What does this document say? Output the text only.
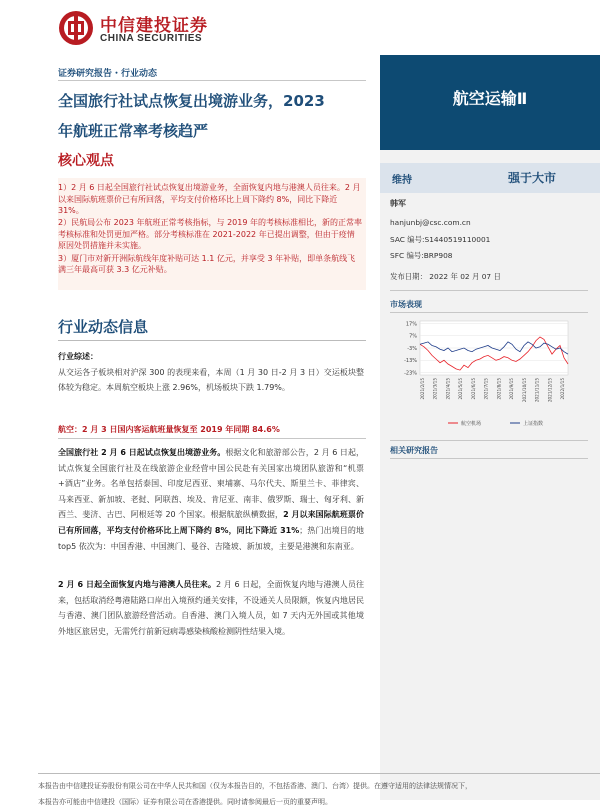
中信建投证券
CHINA SECURITIES
航空运输Ⅱ
证券研究报告・行业动态
全国旅行社试点恢复出境游业务，2023
年航班正常率考核趋严
核心观点

1）2 月 6 日起全国旅行社试点恢复出境游业务，全面恢复内地与港澳人员往来。2 月以来国际航班票价已有所回落，平均支付价格环比上周下降约 8%，同比下降近 31%。

2）民航局公布 2023 年航班正常考核指标，与 2019 年的考核标准相比，新的正常率考核标准和处罚更加严格。部分考核标准在 2021-2022 年已提出调整，但由于疫情原因处罚措施并未实施。

3）厦门市对新开洲际航线年度补贴可达 1.1 亿元，并享受 3 年补贴，即单条航线飞满三年最高可获 3.3 亿元补贴。

行业动态信息

行业综述：

从交运各子板块相对沪深 300 的表现来看，本周（1 月 30 日-2 月 3 日）交运板块整体较为稳定。本周航空板块上涨 2.96%，机场板块下跌 1.79%。

航空：2 月 3 日国内客运航班量恢复至 2019 年同期 84.6%

全国旅行社 2 月 6 日起试点恢复出境游业务。根据文化和旅游部公告，2 月 6 日起，试点恢复全国旅行社及在线旅游企业经营中国公民赴有关国家出境团队旅游和“机票+酒店”业务。名单包括泰国、印度尼西亚、柬埔寨、马尔代夫、斯里兰卡、菲律宾、马来西亚、新加坡、老挝、阿联酋、埃及、肯尼亚、南非、俄罗斯、瑞士、匈牙利、新西兰、斐济、古巴、阿根廷等 20 个国家。根据航旅纵横数据，2 月以来国际航班票价已有所回落，平均支付价格环比上周下降约 8%，同比下降近 31%；热门出境目的地 top5 依次为：中国香港、中国澳门、曼谷、吉隆坡、新加坡，主要是港澳和东南亚。

2 月 6 日起全面恢复内地与港澳人员往来。2 月 6 日起，全面恢复内地与港澳人员往来，包括取消经粤港陆路口岸出入境预约通关安排，不设通关人员限额，恢复内地居民与香港、澳门团队旅游经营活动。自香港、澳门入境人员，如 7 天内无外国或其他境外地区旅居史，无需凭行前新冠病毒感染核酸检测阴性结果入境。

维持	强于大市
韩军
hanjunbj@csc.com.cn
SAC 编号:S1440519110001
SFC 编号:BRP908
发布日期： 2022 年 02 月 07 日
市场表现
17%
7%
-3%
-13%
-23%
2021/2/15 2021/3/15 2021/4/15 2021/5/15 2021/6/15 2021/7/15 2021/8/15 2021/9/15 2021/10/15 2021/11/15 2021/12/15 2022/1/15
航空机场	上证指数
相关研究报告
本报告由中信建投证券股份有限公司在中华人民共和国（仅为本报告目的，不包括香港、澳门、台湾）提供。在遵守适用的法律法规情况下，
本报告亦可能由中信建投（国际）证券有限公司在香港提供。同时请参阅最后一页的重要声明。
